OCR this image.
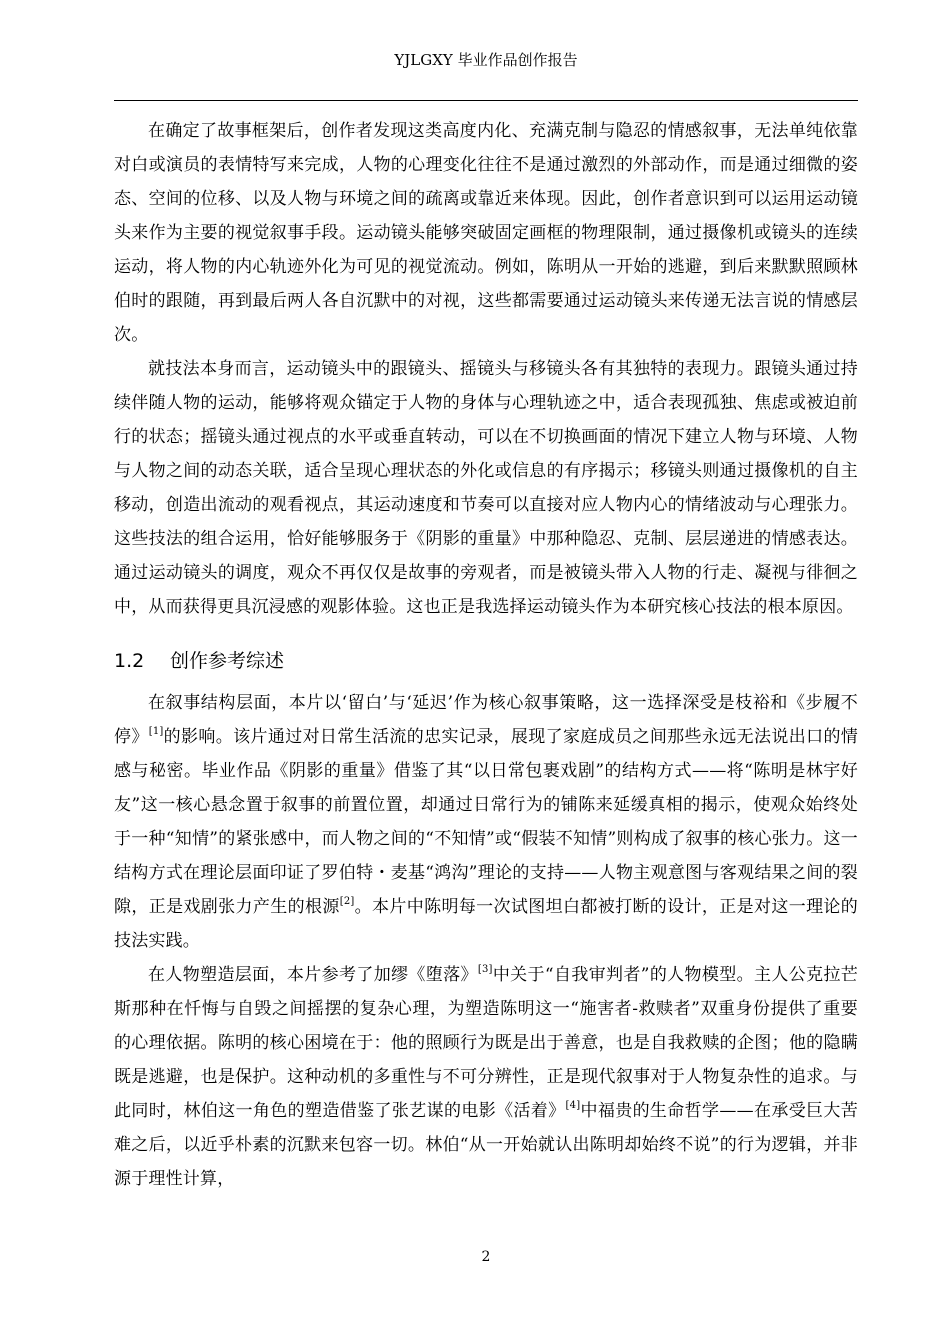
YJLGXY 毕业作品创作报告

在确定了故事框架后，创作者发现这类高度内化、充满克制与隐忍的情感叙事，无法单纯依靠对白或演员的表情特写来完成，人物的心理变化往往不是通过激烈的外部动作，而是通过细微的姿态、空间的位移、以及人物与环境之间的疏离或靠近来体现。因此，创作者意识到可以运用运动镜头来作为主要的视觉叙事手段。运动镜头能够突破固定画框的物理限制，通过摄像机或镜头的连续运动，将人物的内心轨迹外化为可见的视觉流动。例如，陈明从一开始的逃避，到后来默默照顾林伯时的跟随，再到最后两人各自沉默中的对视，这些都需要通过运动镜头来传递无法言说的情感层次。

就技法本身而言，运动镜头中的跟镜头、摇镜头与移镜头各有其独特的表现力。跟镜头通过持续伴随人物的运动，能够将观众锚定于人物的身体与心理轨迹之中，适合表现孤独、焦虑或被迫前行的状态；摇镜头通过视点的水平或垂直转动，可以在不切换画面的情况下建立人物与环境、人物与人物之间的动态关联，适合呈现心理状态的外化或信息的有序揭示；移镜头则通过摄像机的自主移动，创造出流动的观看视点，其运动速度和节奏可以直接对应人物内心的情绪波动与心理张力。这些技法的组合运用，恰好能够服务于《阴影的重量》中那种隐忍、克制、层层递进的情感表达。通过运动镜头的调度，观众不再仅仅是故事的旁观者，而是被镜头带入人物的行走、凝视与徘徊之中，从而获得更具沉浸感的观影体验。这也正是我选择运动镜头作为本研究核心技法的根本原因。

1.2 创作参考综述

在叙事结构层面，本片以‘留白’与‘延迟’作为核心叙事策略，这一选择深受是枝裕和《步履不停》[1]的影响。该片通过对日常生活流的忠实记录，展现了家庭成员之间那些永远无法说出口的情感与秘密。毕业作品《阴影的重量》借鉴了其“以日常包裹戏剧”的结构方式——将“陈明是林宇好友”这一核心悬念置于叙事的前置位置，却通过日常行为的铺陈来延缓真相的揭示，使观众始终处于一种“知情”的紧张感中，而人物之间的“不知情”或“假装不知情”则构成了叙事的核心张力。这一结构方式在理论层面印证了罗伯特・麦基“鸿沟”理论的支持——人物主观意图与客观结果之间的裂隙，正是戏剧张力产生的根源[2]。本片中陈明每一次试图坦白都被打断的设计，正是对这一理论的技法实践。

在人物塑造层面，本片参考了加缪《堕落》[3]中关于“自我审判者”的人物模型。主人公克拉芒斯那种在忏悔与自毁之间摇摆的复杂心理，为塑造陈明这一“施害者-救赎者”双重身份提供了重要的心理依据。陈明的核心困境在于：他的照顾行为既是出于善意，也是自我救赎的企图；他的隐瞒既是逃避，也是保护。这种动机的多重性与不可分辨性，正是现代叙事对于人物复杂性的追求。与此同时，林伯这一角色的塑造借鉴了张艺谋的电影《活着》[4]中福贵的生命哲学——在承受巨大苦难之后，以近乎朴素的沉默来包容一切。林伯“从一开始就认出陈明却始终不说”的行为逻辑，并非源于理性计算，

2
